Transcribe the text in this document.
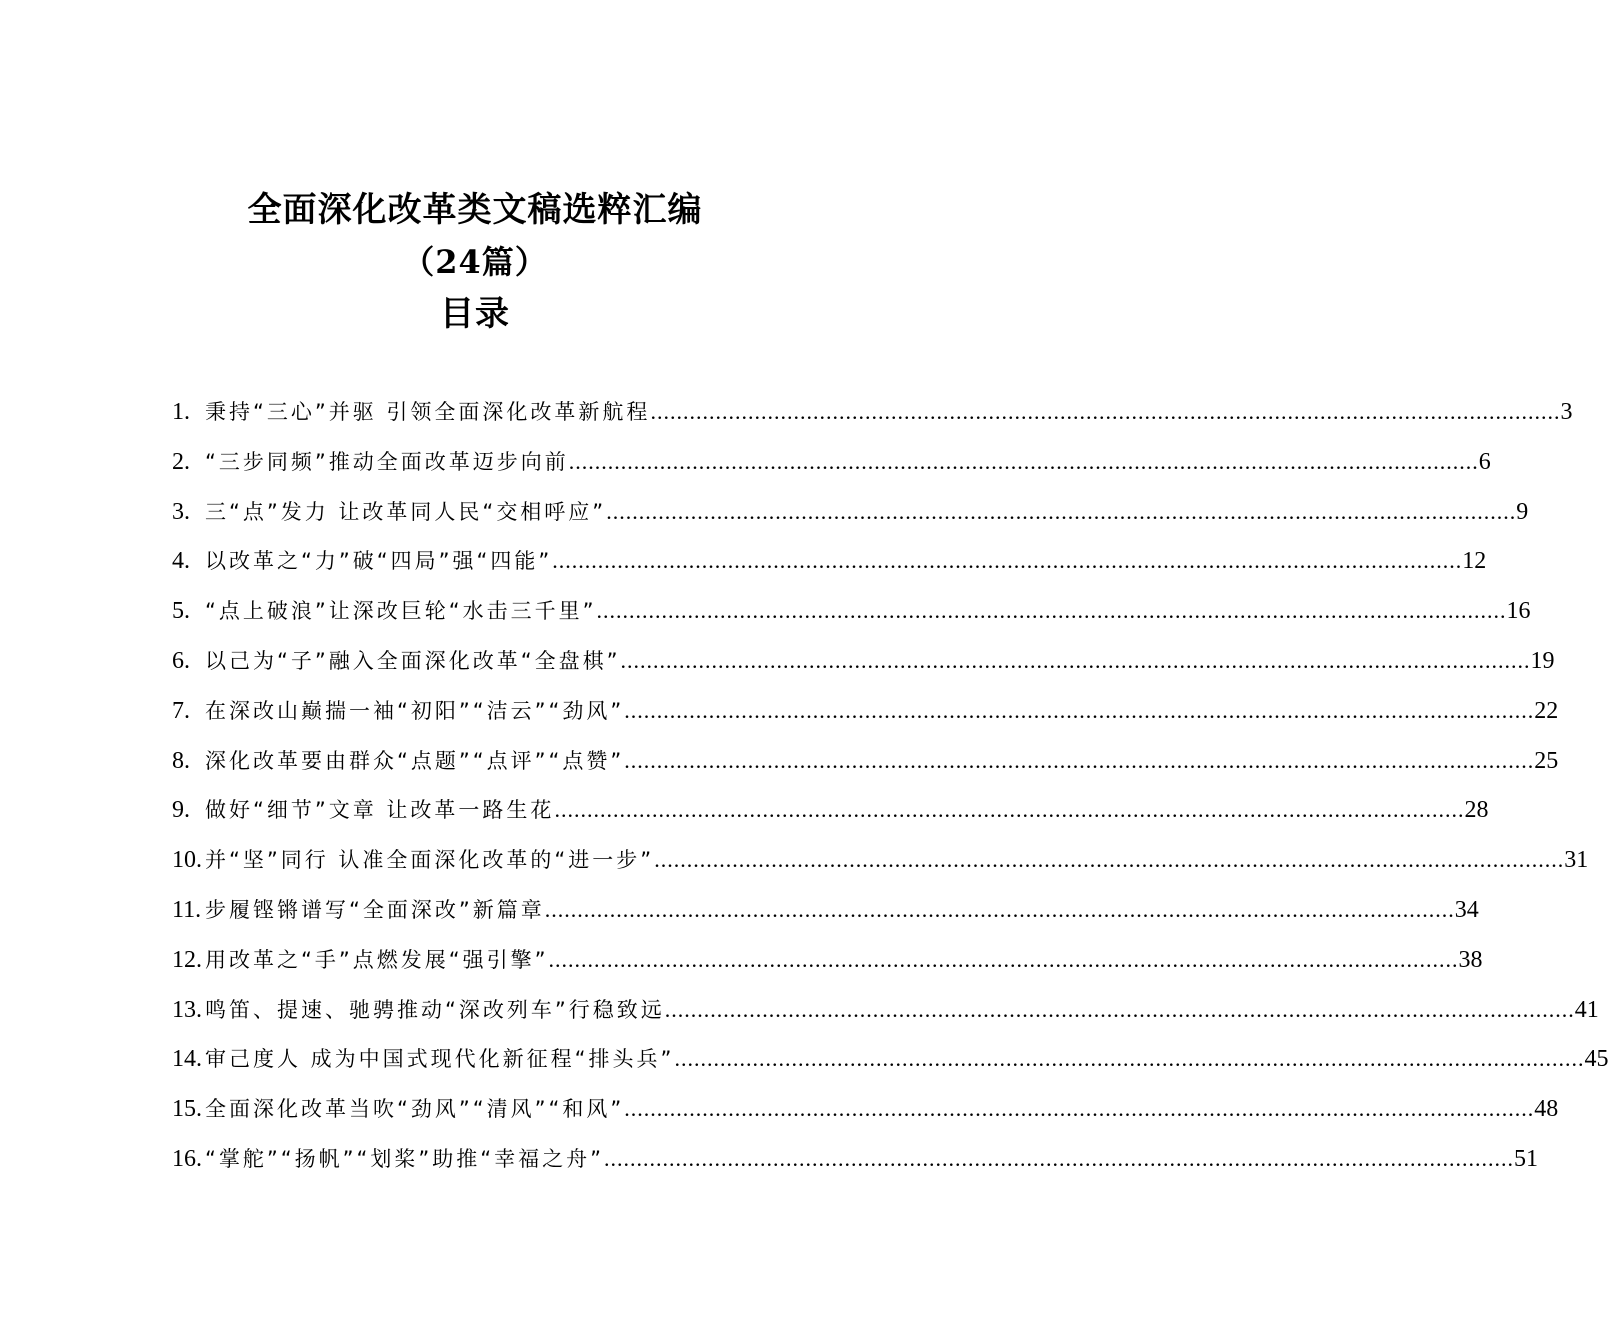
全面深化改革类文稿选粹汇编

（24篇）

目录

1. 秉持“三心”并驱 引领全面深化改革新航程 .....	3
2. “三步同频”推动全面改革迈步向前 .....	6
3. 三“点”发力 让改革同人民“交相呼应” .....	9
4. 以改革之“力”破“四局”强“四能” .....	12
5. “点上破浪”让深改巨轮“水击三千里” .....	16
6. 以己为“子”融入全面深化改革“全盘棋” .....	19
7. 在深改山巅揣一袖“初阳”“洁云”“劲风” .....	22
8. 深化改革要由群众“点题”“点评”“点赞” .....	25
9. 做好“细节”文章 让改革一路生花 .....	28
10. 并“坚”同行 认准全面深化改革的“进一步” .....	31
11. 步履铿锵谱写“全面深改”新篇章 .....	34
12. 用改革之“手”点燃发展“强引擎” .....	38
13. 鸣笛、提速、驰骋推动“深改列车”行稳致远 .....	41
14. 审己度人 成为中国式现代化新征程“排头兵” .....	45
15. 全面深化改革当吹“劲风”“清风”“和风” .....	48
16. “掌舵”“扬帆”“划桨”助推“幸福之舟” .....	51
